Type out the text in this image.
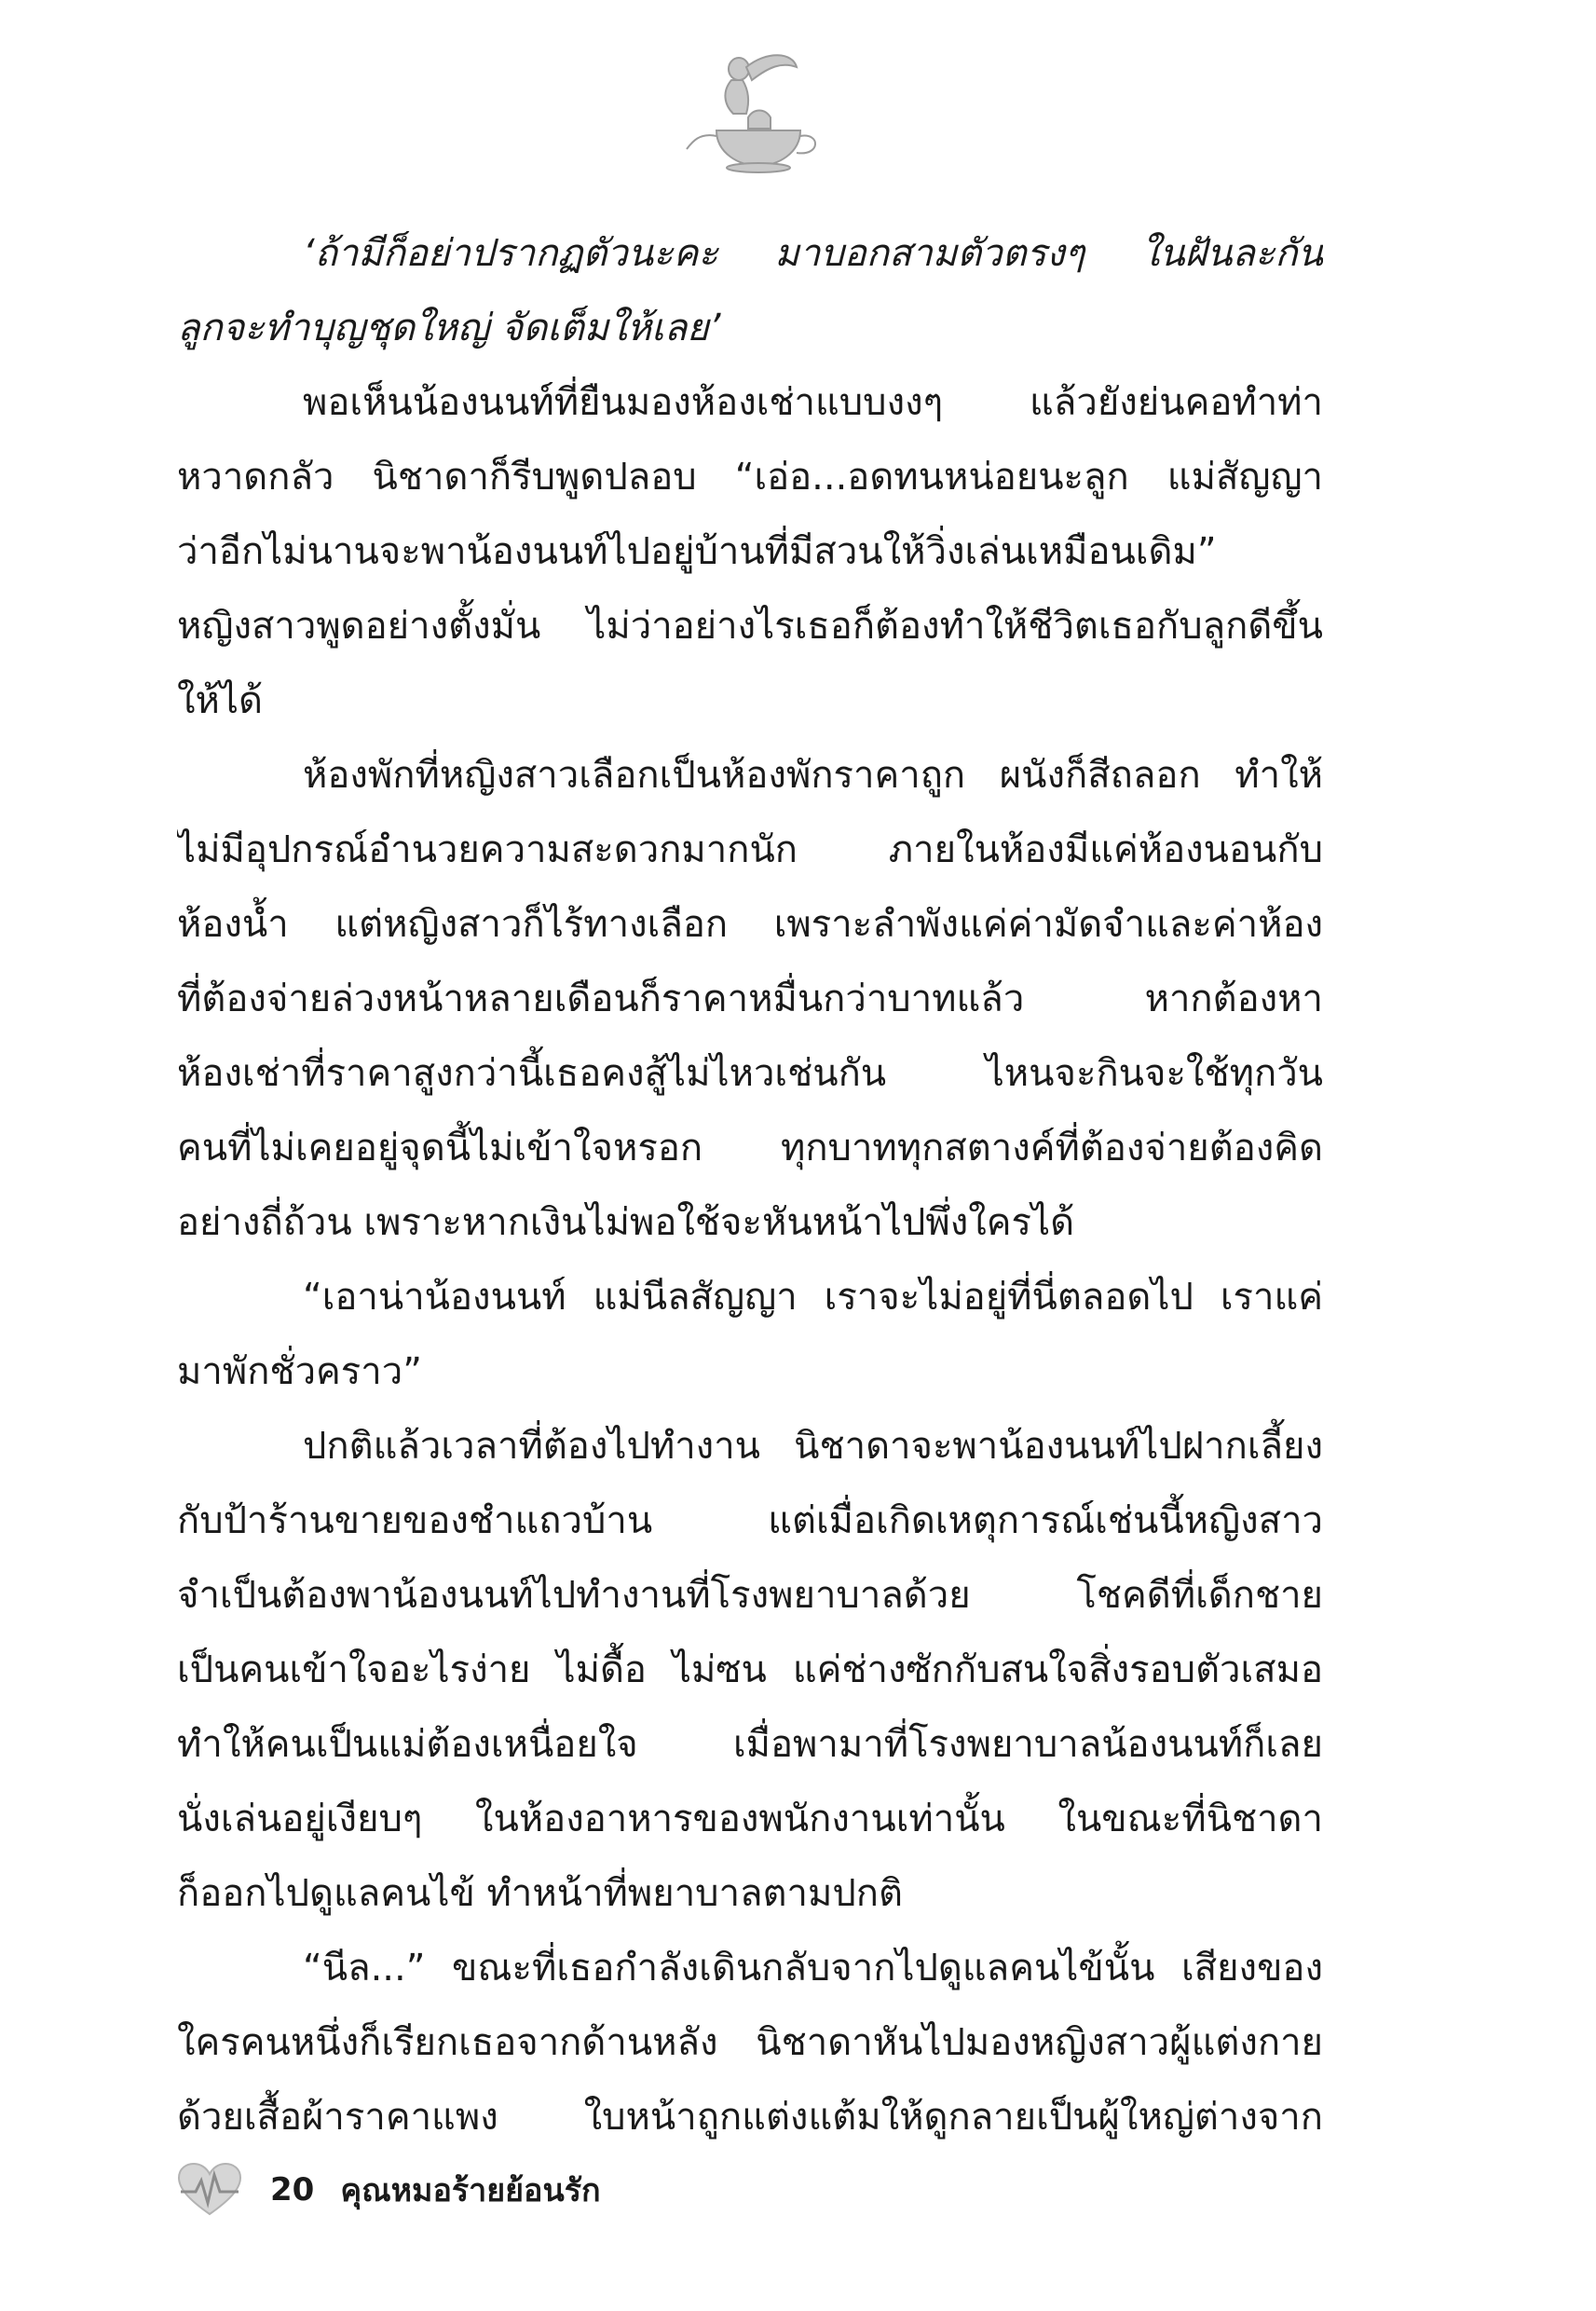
‘ถ้ามีก็อย่าปรากฏตัวนะคะ มาบอกสามตัวตรงๆ ในฝันละกัน
ลูกจะทำบุญชุดใหญ่ จัดเต็มให้เลย’
พอเห็นน้องนนท์ที่ยืนมองห้องเช่าแบบงงๆ แล้วยังย่นคอทำท่า
หวาดกลัว นิชาดาก็รีบพูดปลอบ “เอ่อ...อดทนหน่อยนะลูก แม่สัญญา
ว่าอีกไม่นานจะพาน้องนนท์ไปอยู่บ้านที่มีสวนให้วิ่งเล่นเหมือนเดิม”
หญิงสาวพูดอย่างตั้งมั่น ไม่ว่าอย่างไรเธอก็ต้องทำให้ชีวิตเธอกับลูกดีขึ้น
ให้ได้
ห้องพักที่หญิงสาวเลือกเป็นห้องพักราคาถูก ผนังก็สีถลอก ทำให้
ไม่มีอุปกรณ์อำนวยความสะดวกมากนัก ภายในห้องมีแค่ห้องนอนกับ
ห้องน้ำ แต่หญิงสาวก็ไร้ทางเลือก เพราะลำพังแค่ค่ามัดจำและค่าห้อง
ที่ต้องจ่ายล่วงหน้าหลายเดือนก็ราคาหมื่นกว่าบาทแล้ว หากต้องหา
ห้องเช่าที่ราคาสูงกว่านี้เธอคงสู้ไม่ไหวเช่นกัน ไหนจะกินจะใช้ทุกวัน
คนที่ไม่เคยอยู่จุดนี้ไม่เข้าใจหรอก ทุกบาททุกสตางค์ที่ต้องจ่ายต้องคิด
อย่างถี่ถ้วน เพราะหากเงินไม่พอใช้จะหันหน้าไปพึ่งใครได้
“เอาน่าน้องนนท์ แม่นีลสัญญา เราจะไม่อยู่ที่นี่ตลอดไป เราแค่
มาพักชั่วคราว”
ปกติแล้วเวลาที่ต้องไปทำงาน นิชาดาจะพาน้องนนท์ไปฝากเลี้ยง
กับป้าร้านขายของชำแถวบ้าน แต่เมื่อเกิดเหตุการณ์เช่นนี้หญิงสาว
จำเป็นต้องพาน้องนนท์ไปทำงานที่โรงพยาบาลด้วย โชคดีที่เด็กชาย
เป็นคนเข้าใจอะไรง่าย ไม่ดื้อ ไม่ซน แค่ช่างซักกับสนใจสิ่งรอบตัวเสมอ
ทำให้คนเป็นแม่ต้องเหนื่อยใจ เมื่อพามาที่โรงพยาบาลน้องนนท์ก็เลย
นั่งเล่นอยู่เงียบๆ ในห้องอาหารของพนักงานเท่านั้น ในขณะที่นิชาดา
ก็ออกไปดูแลคนไข้ ทำหน้าที่พยาบาลตามปกติ
“นีล...” ขณะที่เธอกำลังเดินกลับจากไปดูแลคนไข้นั้น เสียงของ
ใครคนหนึ่งก็เรียกเธอจากด้านหลัง นิชาดาหันไปมองหญิงสาวผู้แต่งกาย
ด้วยเสื้อผ้าราคาแพง ใบหน้าถูกแต่งแต้มให้ดูกลายเป็นผู้ใหญ่ต่างจาก
20 คุณหมอร้ายย้อนรัก
